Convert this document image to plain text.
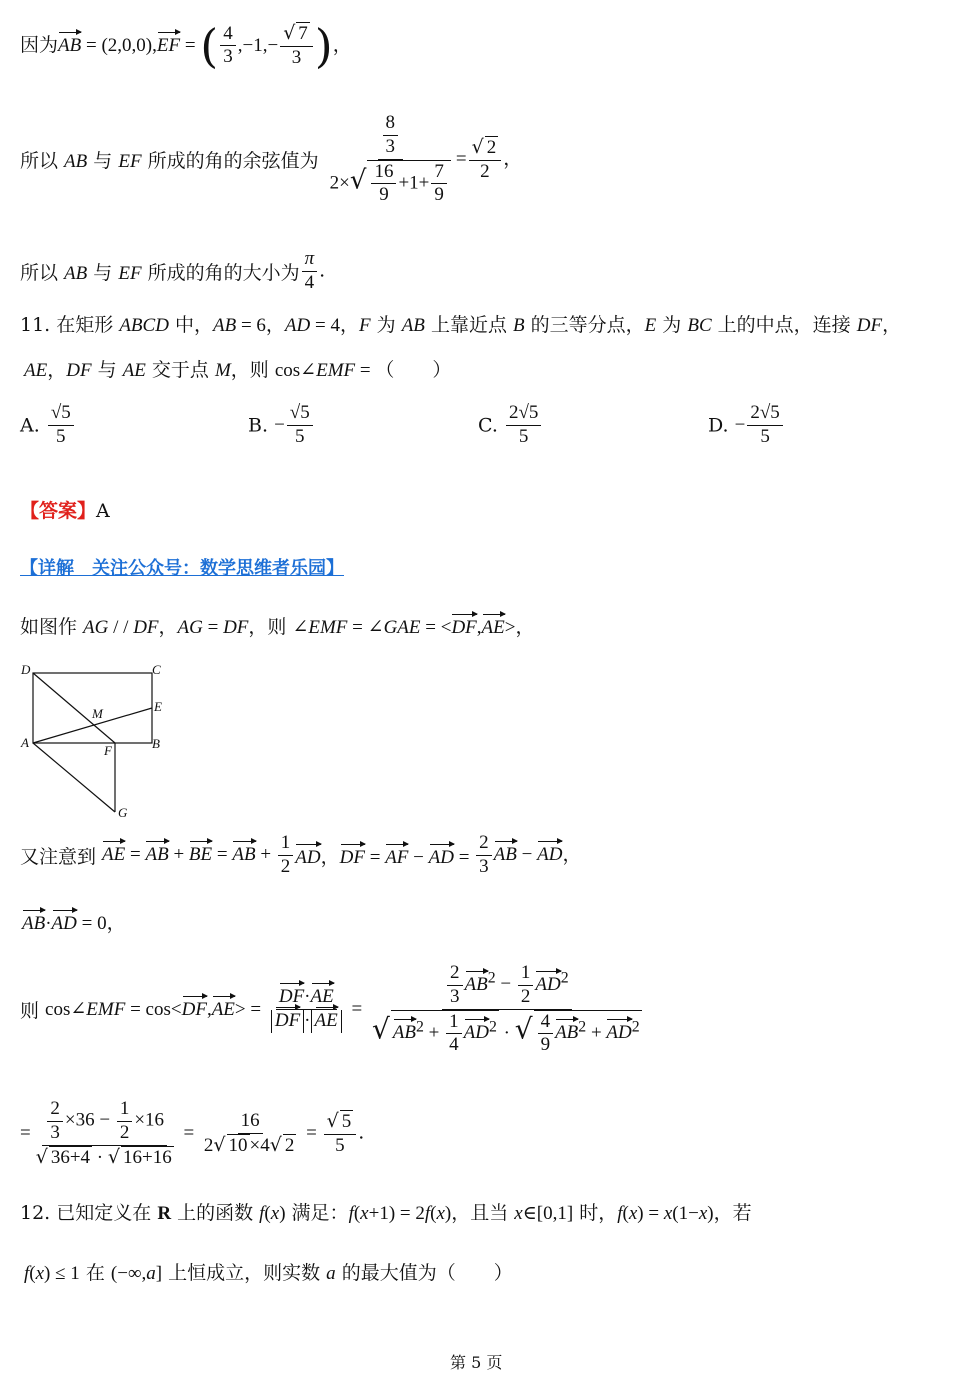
因为AB = (2,0,0),EF = ( $\frac{4}{3} ,-1,- \frac{√ 7}{3}$ )，
所以 AB 与 EF 所成的角的余弦值为 $\frac{\frac{8}{3}}{2\times√ \frac{16}{9} +1+ \frac{7}{9}} = \frac{√ 2}{2}$ ，
所以 AB 与 EF 所成的角的大小为 $\frac{\pi}{4}$ .
11. 在矩形 ABCD 中，AB = 6，AD = 4，F 为 AB 上靠近点 B 的三等分点，E 为 BC 上的中点，连接 DF，
AE，DF 与 AE 交于点 M，则 cos∠EMF = （　　）
A. $\frac{√5}{5}$	B. − $\frac{√5}{5}$	C. $\frac{2√5}{5}$	D. − $\frac{2√5}{5}$
【答案】A
【详解　关注公众号：数学思维者乐园】
如图作 AG / / DF，AG = DF，则 ∠EMF = ∠GAE = <DF,AE>，
D	C
E
M
A
F	B
G
又注意到 AE = AB + BE = AB + $\frac{1}{2}$ AD，DF = AF − AD = $\frac{2}{3}$ AB − AD，
AB·AD = 0，
则 cos∠EMF = $\cos<DF,AE> = \frac{DF\cdot AE}{DF \cdot AE} = \frac{\frac{2}{3} AB^2 - \frac{1}{2} AD^2}{√ AB^2 + \frac{1}{4} AD^2 \cdot √ \frac{4}{9} AB^2 + AD^2}$
= $\frac{\frac{2}{3} \times 36 - \frac{1}{2} \times 16}{√ 36+4 \cdot √ 16+16} = \frac{16}{2√ 10 \times 4√ 2} = \frac{√ 5}{5}$ .
12. 已知定义在 R 上的函数 f(x) 满足：f(x+1) = 2f(x)，且当 x∈[0,1] 时，f(x) = x(1−x)，若
f(x) ≤ 1 在 (−∞,a] 上恒成立，则实数 a 的最大值为（　　）
第 5 页
